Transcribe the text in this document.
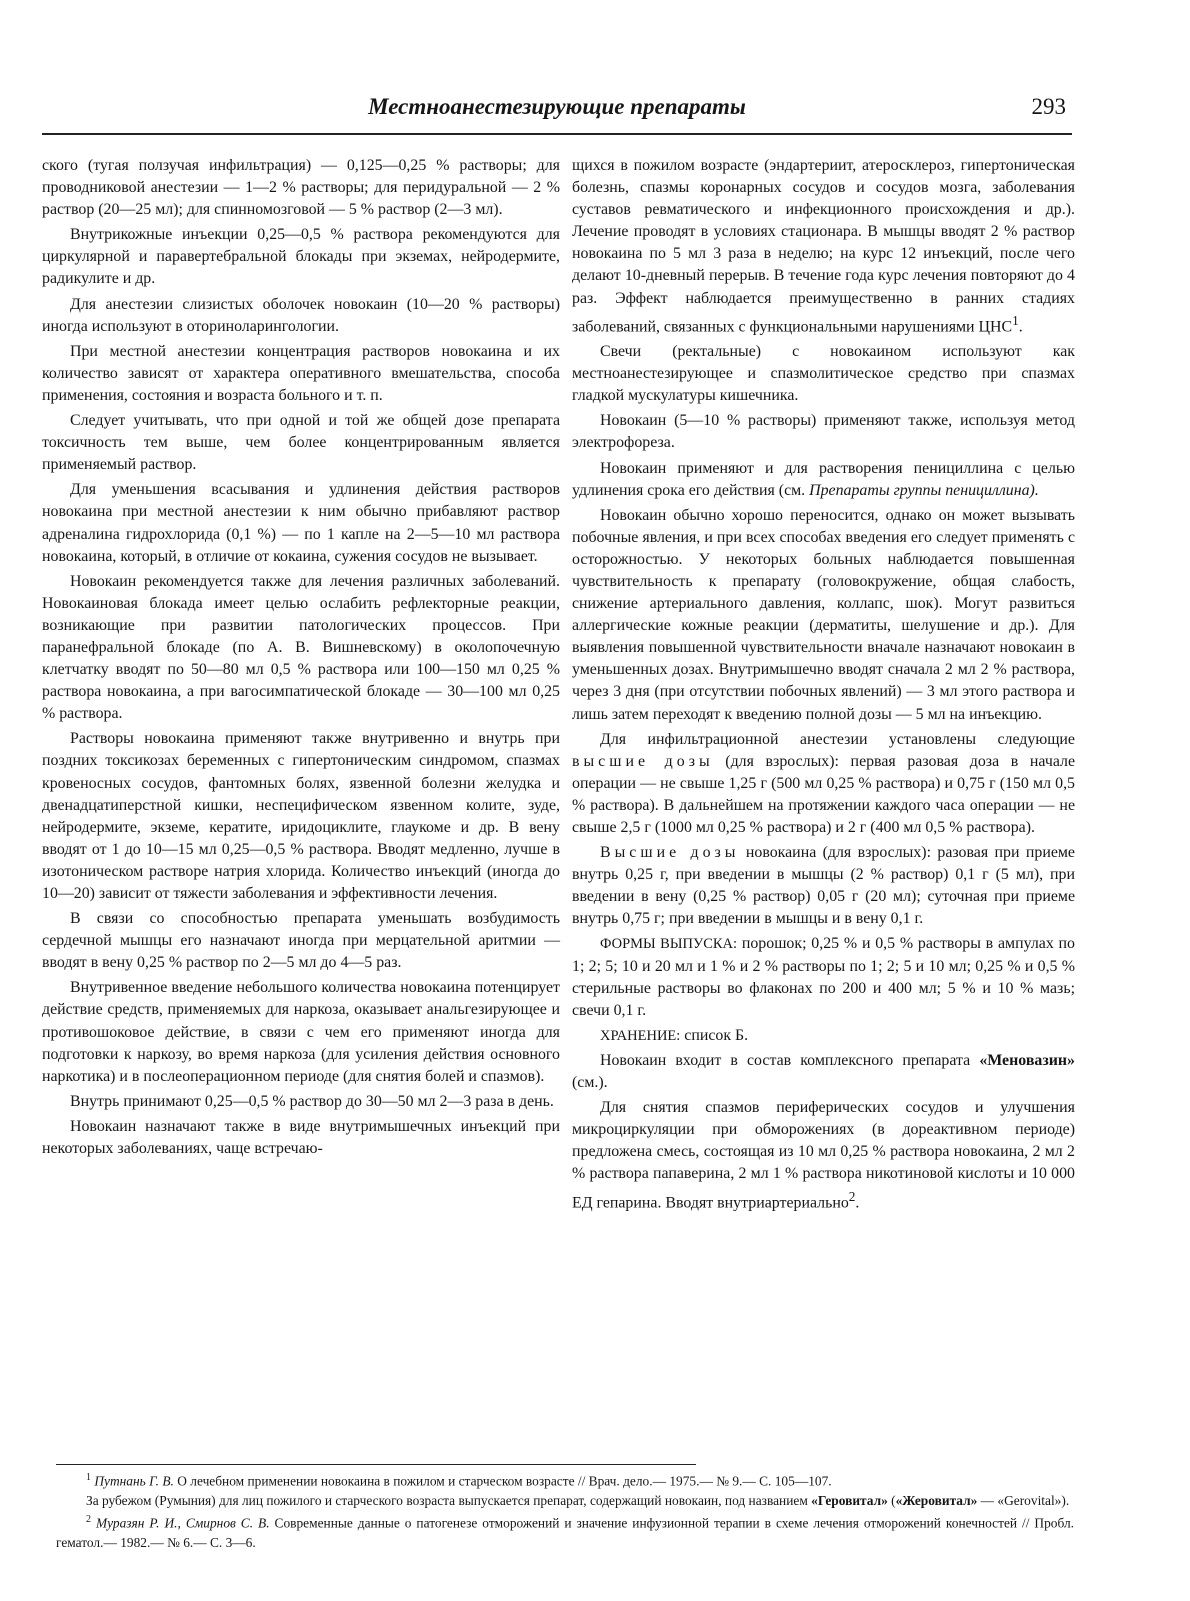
Местноанестезирующие препараты	293

ского (тугая ползучая инфильтрация) — 0,125—0,25 % растворы; для проводниковой анестезии — 1—2 % растворы; для перидуральной — 2 % раствор (20—25 мл); для спинномозговой — 5 % раствор (2—3 мл).

Внутрикожные инъекции 0,25—0,5 % раствора рекомендуются для циркулярной и паравертебральной блокады при экземах, нейродермите, радикулите и др.

Для анестезии слизистых оболочек новокаин (10—20 % растворы) иногда используют в оториноларингологии.

При местной анестезии концентрация растворов новокаина и их количество зависят от характера оперативного вмешательства, способа применения, состояния и возраста больного и т. п.

Следует учитывать, что при одной и той же общей дозе препарата токсичность тем выше, чем более концентрированным является применяемый раствор.

Для уменьшения всасывания и удлинения действия растворов новокаина при местной анестезии к ним обычно прибавляют раствор адреналина гидрохлорида (0,1 %) — по 1 капле на 2—5—10 мл раствора новокаина, который, в отличие от кокаина, сужения сосудов не вызывает.

Новокаин рекомендуется также для лечения различных заболеваний. Новокаиновая блокада имеет целью ослабить рефлекторные реакции, возникающие при развитии патологических процессов. При паранефральной блокаде (по А. В. Вишневскому) в околопочечную клетчатку вводят по 50—80 мл 0,5 % раствора или 100—150 мл 0,25 % раствора новокаина, а при вагосимпатической блокаде — 30—100 мл 0,25 % раствора.

Растворы новокаина применяют также внутривенно и внутрь при поздних токсикозах беременных с гипертоническим синдромом, спазмах кровеносных сосудов, фантомных болях, язвенной болезни желудка и двенадцатиперстной кишки, неспецифическом язвенном колите, зуде, нейродермите, экземе, кератите, иридоциклите, глаукоме и др. В вену вводят от 1 до 10—15 мл 0,25—0,5 % раствора. Вводят медленно, лучше в изотоническом растворе натрия хлорида. Количество инъекций (иногда до 10—20) зависит от тяжести заболевания и эффективности лечения.

В связи со способностью препарата уменьшать возбудимость сердечной мышцы его назначают иногда при мерцательной аритмии — вводят в вену 0,25 % раствор по 2—5 мл до 4—5 раз.

Внутривенное введение небольшого количества новокаина потенцирует действие средств, применяемых для наркоза, оказывает анальгезирующее и противошоковое действие, в связи с чем его применяют иногда для подготовки к наркозу, во время наркоза (для усиления действия основного наркотика) и в послеоперационном периоде (для снятия болей и спазмов).

Внутрь принимают 0,25—0,5 % раствор до 30—50 мл 2—3 раза в день.

Новокаин назначают также в виде внутримышечных инъекций при некоторых заболеваниях, чаще встречаю-

щихся в пожилом возрасте (эндартериит, атеросклероз, гипертоническая болезнь, спазмы коронарных сосудов и сосудов мозга, заболевания суставов ревматического и инфекционного происхождения и др.). Лечение проводят в условиях стационара. В мышцы вводят 2 % раствор новокаина по 5 мл 3 раза в неделю; на курс 12 инъекций, после чего делают 10-дневный перерыв. В течение года курс лечения повторяют до 4 раз. Эффект наблюдается преимущественно в ранних стадиях заболеваний, связанных с функциональными нарушениями ЦНС$^1$.

Свечи (ректальные) с новокаином используют как местноанестезирующее и спазмолитическое средство при спазмах гладкой мускулатуры кишечника.

Новокаин (5—10 % растворы) применяют также, используя метод электрофореза.

Новокаин применяют и для растворения пенициллина с целью удлинения срока его действия (см. Препараты группы пенициллина).

Новокаин обычно хорошо переносится, однако он может вызывать побочные явления, и при всех способах введения его следует применять с осторожностью. У некоторых больных наблюдается повышенная чувствительность к препарату (головокружение, общая слабость, снижение артериального давления, коллапс, шок). Могут развиться аллергические кожные реакции (дерматиты, шелушение и др.). Для выявления повышенной чувствительности вначале назначают новокаин в уменьшенных дозах. Внутримышечно вводят сначала 2 мл 2 % раствора, через 3 дня (при отсутствии побочных явлений) — 3 мл этого раствора и лишь затем переходят к введению полной дозы — 5 мл на инъекцию.

Для инфильтрационной анестезии установлены следующие высшие дозы (для взрослых): первая разовая доза в начале операции — не свыше 1,25 г (500 мл 0,25 % раствора) и 0,75 г (150 мл 0,5 % раствора). В дальнейшем на протяжении каждого часа операции — не свыше 2,5 г (1000 мл 0,25 % раствора) и 2 г (400 мл 0,5 % раствора).

Высшие дозы новокаина (для взрослых): разовая при приеме внутрь 0,25 г, при введении в мышцы (2 % раствор) 0,1 г (5 мл), при введении в вену (0,25 % раствор) 0,05 г (20 мл); суточная при приеме внутрь 0,75 г; при введении в мышцы и в вену 0,1 г.

ФОРМЫ ВЫПУСКА: порошок; 0,25 % и 0,5 % растворы в ампулах по 1; 2; 5; 10 и 20 мл и 1 % и 2 % растворы по 1; 2; 5 и 10 мл; 0,25 % и 0,5 % стерильные растворы во флаконах по 200 и 400 мл; 5 % и 10 % мазь; свечи 0,1 г.

ХРАНЕНИЕ: список Б.

Новокаин входит в состав комплексного препарата «Меновазин» (см.).

Для снятия спазмов периферических сосудов и улучшения микроциркуляции при обморожениях (в дореактивном периоде) предложена смесь, состоящая из 10 мл 0,25 % раствора новокаина, 2 мл 2 % раствора папаверина, 2 мл 1 % раствора никотиновой кислоты и 10 000 ЕД гепарина. Вводят внутриартериально$^2$.

$^1$ Путнань Г. В. О лечебном применении новокаина в пожилом и старческом возрасте // Врач. дело.— 1975.— № 9.— С. 105—107.

За рубежом (Румыния) для лиц пожилого и старческого возраста выпускается препарат, содержащий новокаин, под названием «Геровитал» («Жеровитал» — «Gerovital»).

$^2$ Муразян Р. И., Смирнов С. В. Современные данные о патогенезе отморожений и значение инфузионной терапии в схеме лечения отморожений конечностей // Пробл. гематол.— 1982.— № 6.— С. 3—6.
